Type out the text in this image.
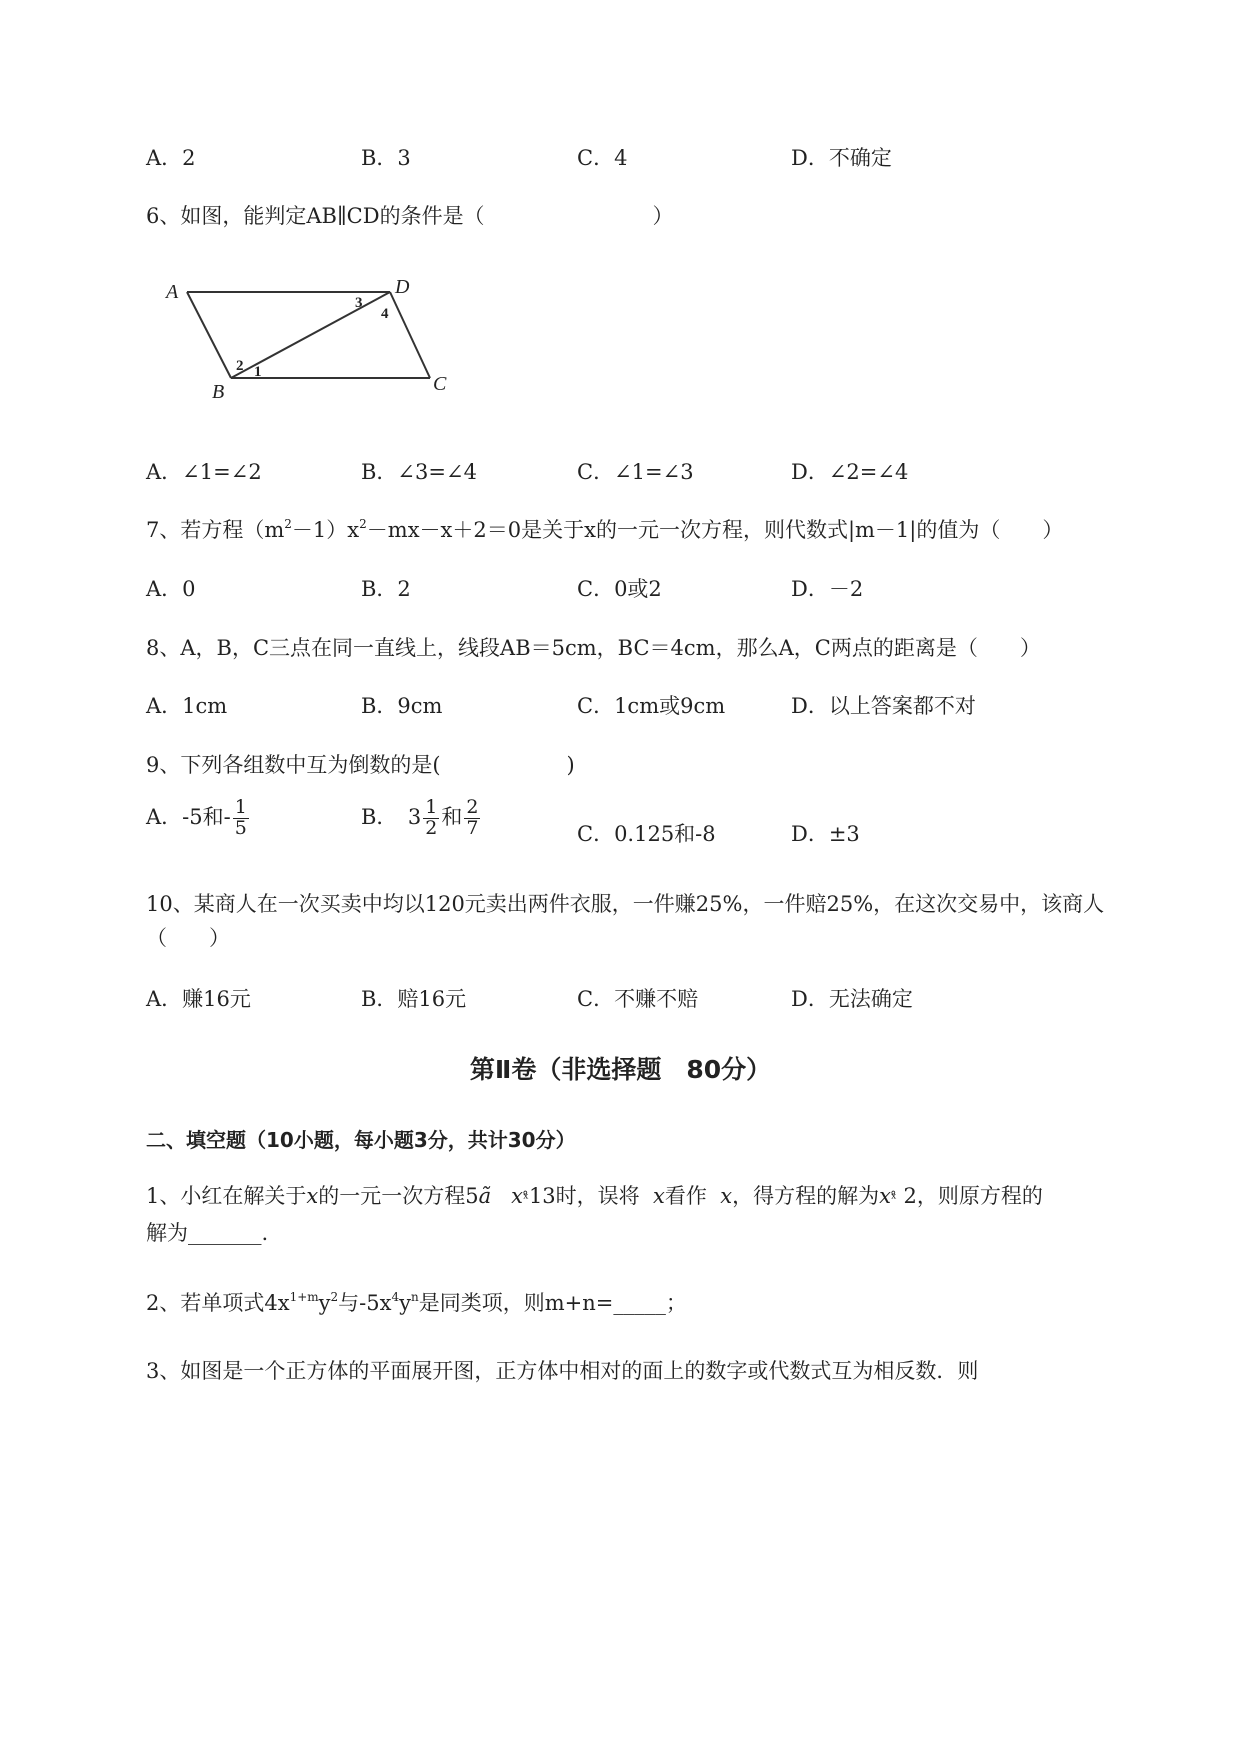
A．2	B．3	C．4	D．不确定
6、如图，能判定AB∥CD的条件是（　　　　　　　　）
A	D
B	C
3
4
2 1
A．∠1=∠2	B．∠3=∠4	C．∠1=∠3	D．∠2=∠4
7、若方程$(m^2-1)x^2-mx-x+2=0$是关于x的一元一次方程，则代数式|m－1|的值为（　　）
A．0	B．2	C．0或2	D．－2
8、A，B，C三点在同一直线上，线段AB＝5cm，BC＝4cm，那么A，C两点的距离是（　　）
A．1cm	B．9cm	C．1cm或9cm	D．以上答案都不对
9、下列各组数中互为倒数的是(　　　　　　)
A．-5和- $\frac{1}{5}$	B．　$3 \frac{1}{2}$ 和 $\frac{2}{7}$	C．0.125和-8	D．±3
10、某商人在一次买卖中均以120元卖出两件衣服，一件赚25%，一件赔25%，在这次交易中，该商人
（　　）
A．赚16元	B．赔16元	C．不赚不赔	D．无法确定
第Ⅱ卷（非选择题　80分）
二、填空题（10小题，每小题3分，共计30分）
1、小红在解关于x的一元一次方程5ã xˣ̊13时，误将 x看作 x，得方程的解为xˣ̊ 2，则原方程的
解为_______.
2、若单项式$4x^{1+m}y^2$与$-5x^4y^n$是同类项，则m+n=_____；
3、如图是一个正方体的平面展开图，正方体中相对的面上的数字或代数式互为相反数．则
